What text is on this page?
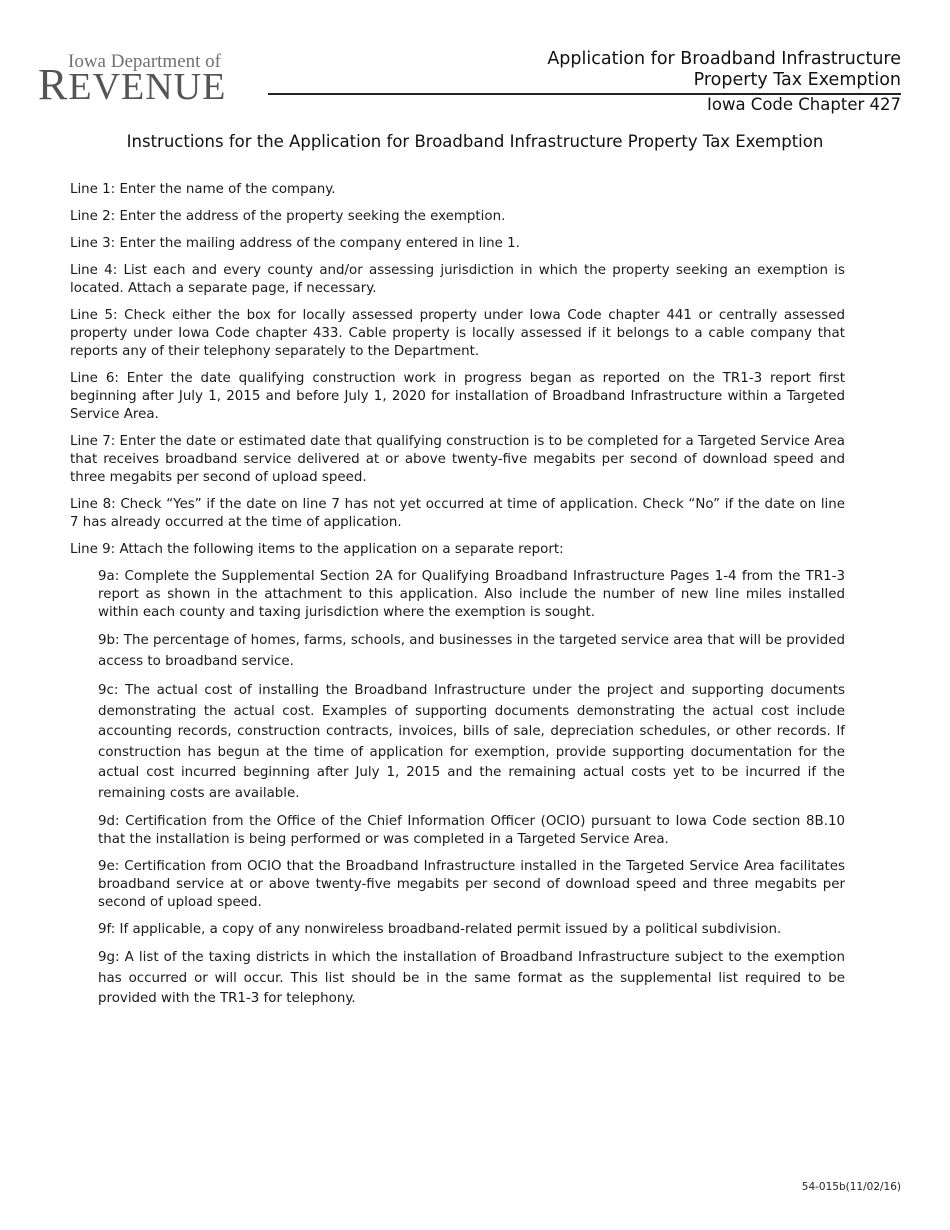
Iowa Department of
REVENUE
Application for Broadband Infrastructure
Property Tax Exemption
Iowa Code Chapter 427
Instructions for the Application for Broadband Infrastructure Property Tax Exemption

Line 1: Enter the name of the company.

Line 2: Enter the address of the property seeking the exemption.

Line 3: Enter the mailing address of the company entered in line 1.

Line 4: List each and every county and/or assessing jurisdiction in which the property seeking an exemption is located. Attach a separate page, if necessary.

Line 5: Check either the box for locally assessed property under Iowa Code chapter 441 or centrally assessed property under Iowa Code chapter 433. Cable property is locally assessed if it belongs to a cable company that reports any of their telephony separately to the Department.

Line 6: Enter the date qualifying construction work in progress began as reported on the TR1-3 report first beginning after July 1, 2015 and before July 1, 2020 for installation of Broadband Infrastructure within a Targeted Service Area.

Line 7: Enter the date or estimated date that qualifying construction is to be completed for a Targeted Service Area that receives broadband service delivered at or above twenty-five megabits per second of download speed and three megabits per second of upload speed.

Line 8: Check “Yes” if the date on line 7 has not yet occurred at time of application. Check “No” if the date on line 7 has already occurred at the time of application.

Line 9: Attach the following items to the application on a separate report:

9a: Complete the Supplemental Section 2A for Qualifying Broadband Infrastructure Pages 1-4 from the TR1-3 report as shown in the attachment to this application. Also include the number of new line miles installed within each county and taxing jurisdiction where the exemption is sought.

9b: The percentage of homes, farms, schools, and businesses in the targeted service area that will be provided access to broadband service.

9c: The actual cost of installing the Broadband Infrastructure under the project and supporting documents demonstrating the actual cost. Examples of supporting documents demonstrating the actual cost include accounting records, construction contracts, invoices, bills of sale, depreciation schedules, or other records. If construction has begun at the time of application for exemption, provide supporting documentation for the actual cost incurred beginning after July 1, 2015 and the remaining actual costs yet to be incurred if the remaining costs are available.

9d: Certification from the Office of the Chief Information Officer (OCIO) pursuant to Iowa Code section 8B.10 that the installation is being performed or was completed in a Targeted Service Area.

9e: Certification from OCIO that the Broadband Infrastructure installed in the Targeted Service Area facilitates broadband service at or above twenty-five megabits per second of download speed and three megabits per second of upload speed.

9f: If applicable, a copy of any nonwireless broadband-related permit issued by a political subdivision.

9g: A list of the taxing districts in which the installation of Broadband Infrastructure subject to the exemption has occurred or will occur. This list should be in the same format as the supplemental list required to be provided with the TR1-3 for telephony.

54-015b(11/02/16)
